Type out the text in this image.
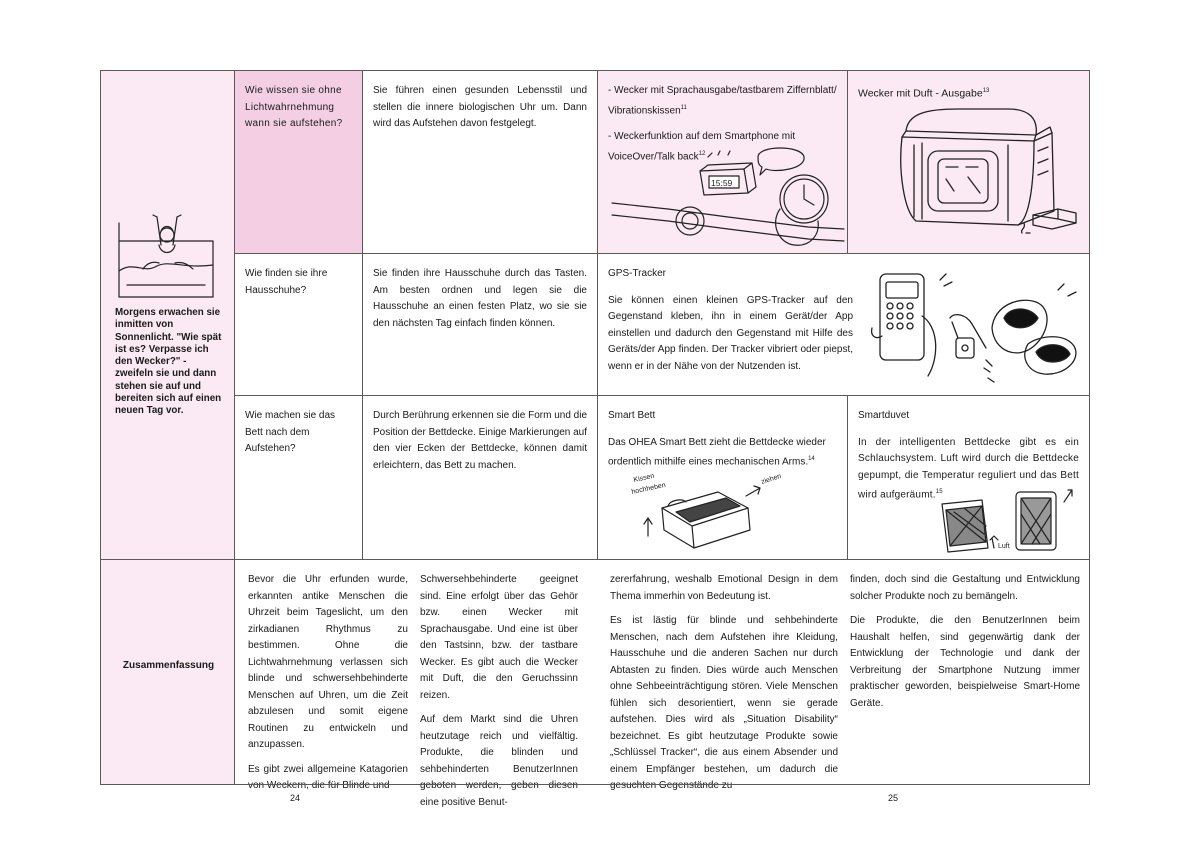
Morgens erwachen sie inmitten von Sonnenlicht. "Wie spät ist es? Verpasse ich den Wecker?" - zweifeln sie und dann stehen sie auf und bereiten sich auf einen neuen Tag vor.
Wie wissen sie ohne Lichtwahrnehmung wann sie aufstehen?
Sie führen einen gesunden Lebensstil und stellen die innere biologischen Uhr um. Dann wird das Aufstehen davon festgelegt.

- Wecker mit Sprachausgabe/tastbarem Ziffernblatt/ Vibrationskissen$^{11}$

- Weckerfunktion auf dem Smartphone mit VoiceOver/Talk back$^{12}$

15:59
Wecker mit Duft - Ausgabe$^{13}$
Wie finden sie ihre Hausschuhe?
Sie finden ihre Hausschuhe durch das Tasten. Am besten ordnen und legen sie die Hausschuhe an einen festen Platz, wo sie sie den nächsten Tag einfach finden können.
GPS-Tracker
Sie können einen kleinen GPS-Tracker auf den Gegenstand kleben, ihn in einem Gerät/der App einstellen und dadurch den Gegenstand mit Hilfe des Geräts/der App finden. Der Tracker vibriert oder piepst, wenn er in der Nähe von der Nutzenden ist.
Wie machen sie das Bett nach dem Aufstehen?
Durch Berührung erkennen sie die Form und die Position der Bettdecke. Einige Markierungen auf den vier Ecken der Bettdecke, können damit erleichtern, das Bett zu machen.
Smart Bett
Das OHEA Smart Bett zieht die Bettdecke wieder ordentlich mithilfe eines mechanischen Arms.$^{14}$
Kissen
hochheben
ziehen
Smartduvet
In der intelligenten Bettdecke gibt es ein Schlauchsystem. Luft wird durch die Bettdecke gepumpt, die Temperatur reguliert und das Bett wird aufgeräumt.$^{15}$
Luft
Zusammenfassung

Bevor die Uhr erfunden wurde, erkannten antike Menschen die Uhrzeit beim Tageslicht, um den zirkadianen Rhythmus zu bestimmen. Ohne die Lichtwahrnehmung verlassen sich blinde und schwersehbehinderte Menschen auf Uhren, um die Zeit abzulesen und somit eigene Routinen zu entwickeln und anzupassen.

Es gibt zwei allgemeine Katagorien von Weckern, die für Blinde und

Schwersehbehinderte geeignet sind. Eine erfolgt über das Gehör bzw. einen Wecker mit Sprachausgabe. Und eine ist über den Tastsinn, bzw. der tastbare Wecker. Es gibt auch die Wecker mit Duft, die den Geruchssinn reizen.

Auf dem Markt sind die Uhren heutzutage reich und vielfältig. Produkte, die blinden und sehbehinderten BenutzerInnen geboten werden, geben diesen eine positive Benut-

zererfahrung, weshalb Emotional Design in dem Thema immerhin von Bedeutung ist.

Es ist lästig für blinde und sehbehinderte Menschen, nach dem Aufstehen ihre Kleidung, Hausschuhe und die anderen Sachen nur durch Abtasten zu finden. Dies würde auch Menschen ohne Sehbeeinträchtigung stören. Viele Menschen fühlen sich desorientiert, wenn sie gerade aufstehen. Dies wird als „Situation Disability“ bezeichnet. Es gibt heutzutage Produkte sowie „Schlüssel Tracker“, die aus einem Absender und einem Empfänger bestehen, um dadurch die gesuchten Gegenstände zu

finden, doch sind die Gestaltung und Entwicklung solcher Produkte noch zu bemängeln.

Die Produkte, die den BenutzerInnen beim Haushalt helfen, sind gegenwärtig dank der Entwicklung der Technologie und dank der Verbreitung der Smartphone Nutzung immer praktischer geworden, beispielweise Smart-Home Geräte.

24	25
